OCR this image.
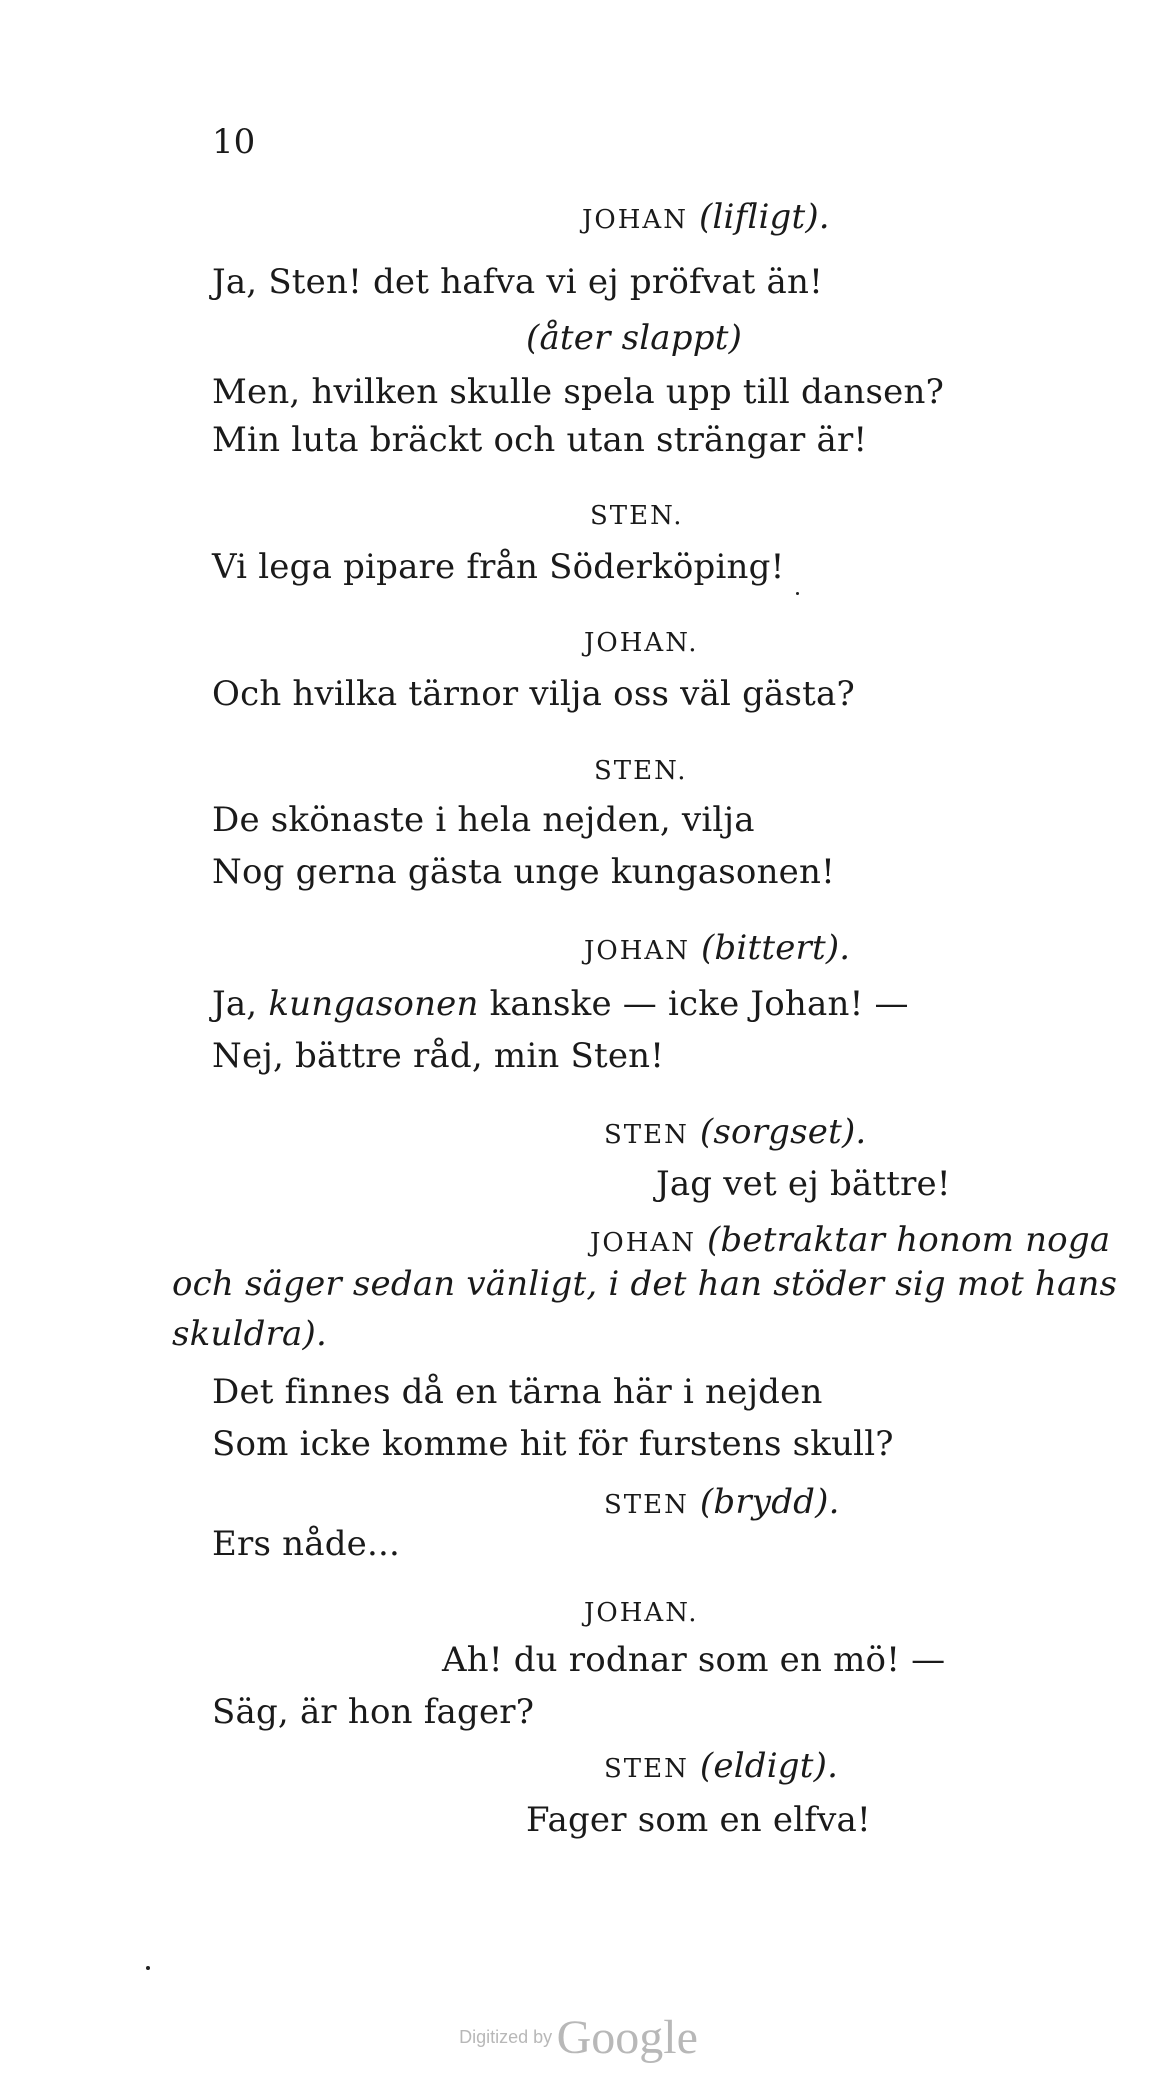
10
JOHAN (lifligt).
Ja, Sten! det hafva vi ej pröfvat än!
(åter slappt)
Men, hvilken skulle spela upp till dansen?
Min luta bräckt och utan strängar är!
STEN.
Vi lega pipare från Söderköping!
JOHAN.
Och hvilka tärnor vilja oss väl gästa?
STEN.
De skönaste i hela nejden, vilja
Nog gerna gästa unge kungasonen!
JOHAN (bittert).
Ja, kungasonen kanske — icke Johan! —
Nej, bättre råd, min Sten!
STEN (sorgset).
Jag vet ej bättre!
JOHAN (betraktar honom noga
och säger sedan vänligt, i det han stöder sig mot hans
skuldra).
Det finnes då en tärna här i nejden
Som icke komme hit för furstens skull?
STEN (brydd).
Ers nåde...
JOHAN.
Ah! du rodnar som en mö! —
Säg, är hon fager?
STEN (eldigt).
Fager som en elfva!
Digitized by Google
